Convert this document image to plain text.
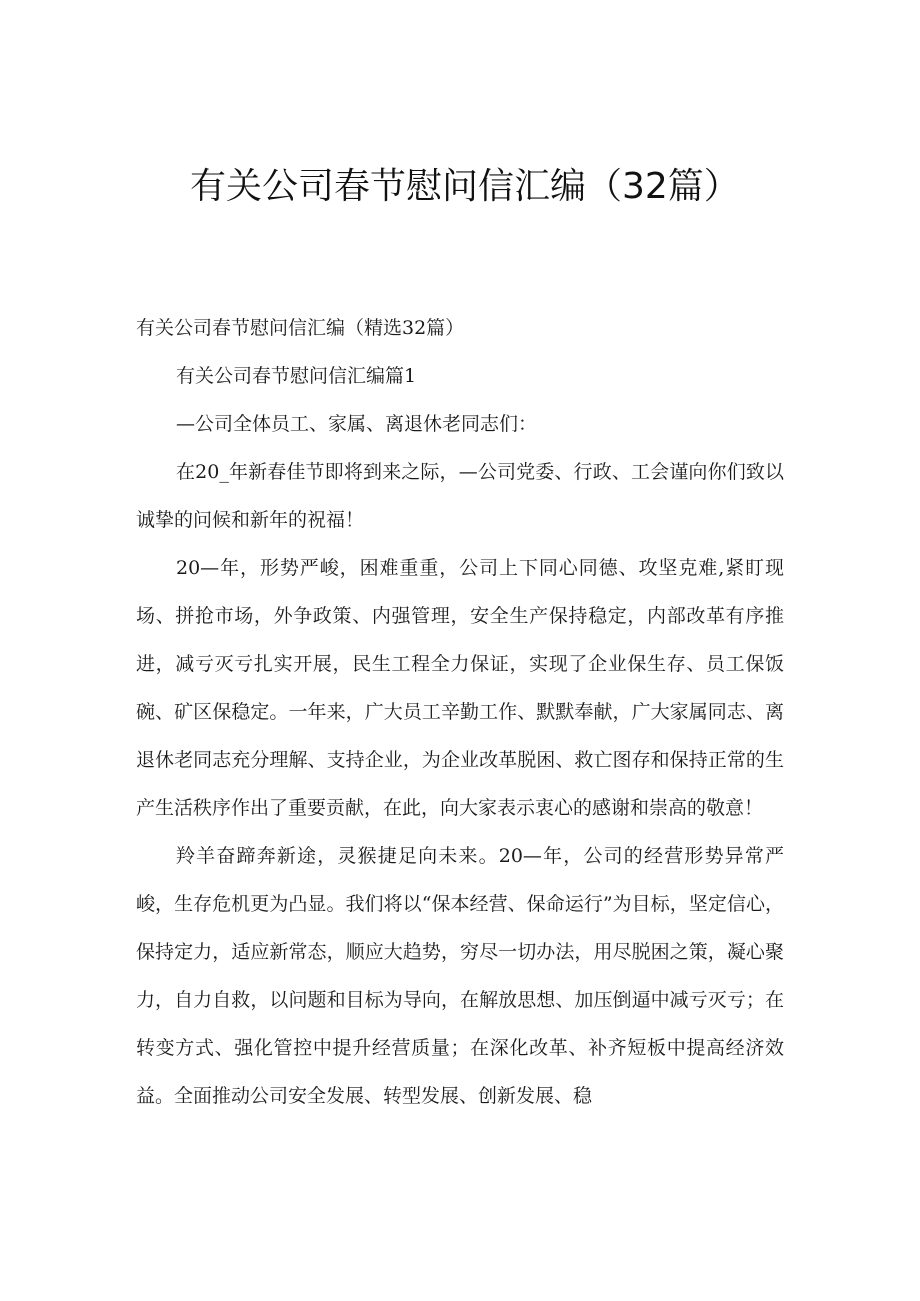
有关公司春节慰问信汇编（32篇）

有关公司春节慰问信汇编（精选32篇）

有关公司春节慰问信汇编篇1

—公司全体员工、家属、离退休老同志们：

在20_年新春佳节即将到来之际，—公司党委、行政、工会谨向你们致以诚挚的问候和新年的祝福！

20—年，形势严峻，困难重重，公司上下同心同德、攻坚克难,紧盯现场、拼抢市场，外争政策、内强管理，安全生产保持稳定，内部改革有序推进，减亏灭亏扎实开展，民生工程全力保证，实现了企业保生存、员工保饭碗、矿区保稳定。一年来，广大员工辛勤工作、默默奉献，广大家属同志、离退休老同志充分理解、支持企业，为企业改革脱困、救亡图存和保持正常的生产生活秩序作出了重要贡献，在此，向大家表示衷心的感谢和崇高的敬意！

羚羊奋蹄奔新途，灵猴捷足向未来。20—年，公司的经营形势异常严峻，生存危机更为凸显。我们将以“保本经营、保命运行”为目标，坚定信心，保持定力，适应新常态，顺应大趋势，穷尽一切办法，用尽脱困之策，凝心聚力，自力自救，以问题和目标为导向，在解放思想、加压倒逼中减亏灭亏；在转变方式、强化管控中提升经营质量；在深化改革、补齐短板中提高经济效益。全面推动公司安全发展、转型发展、创新发展、稳
